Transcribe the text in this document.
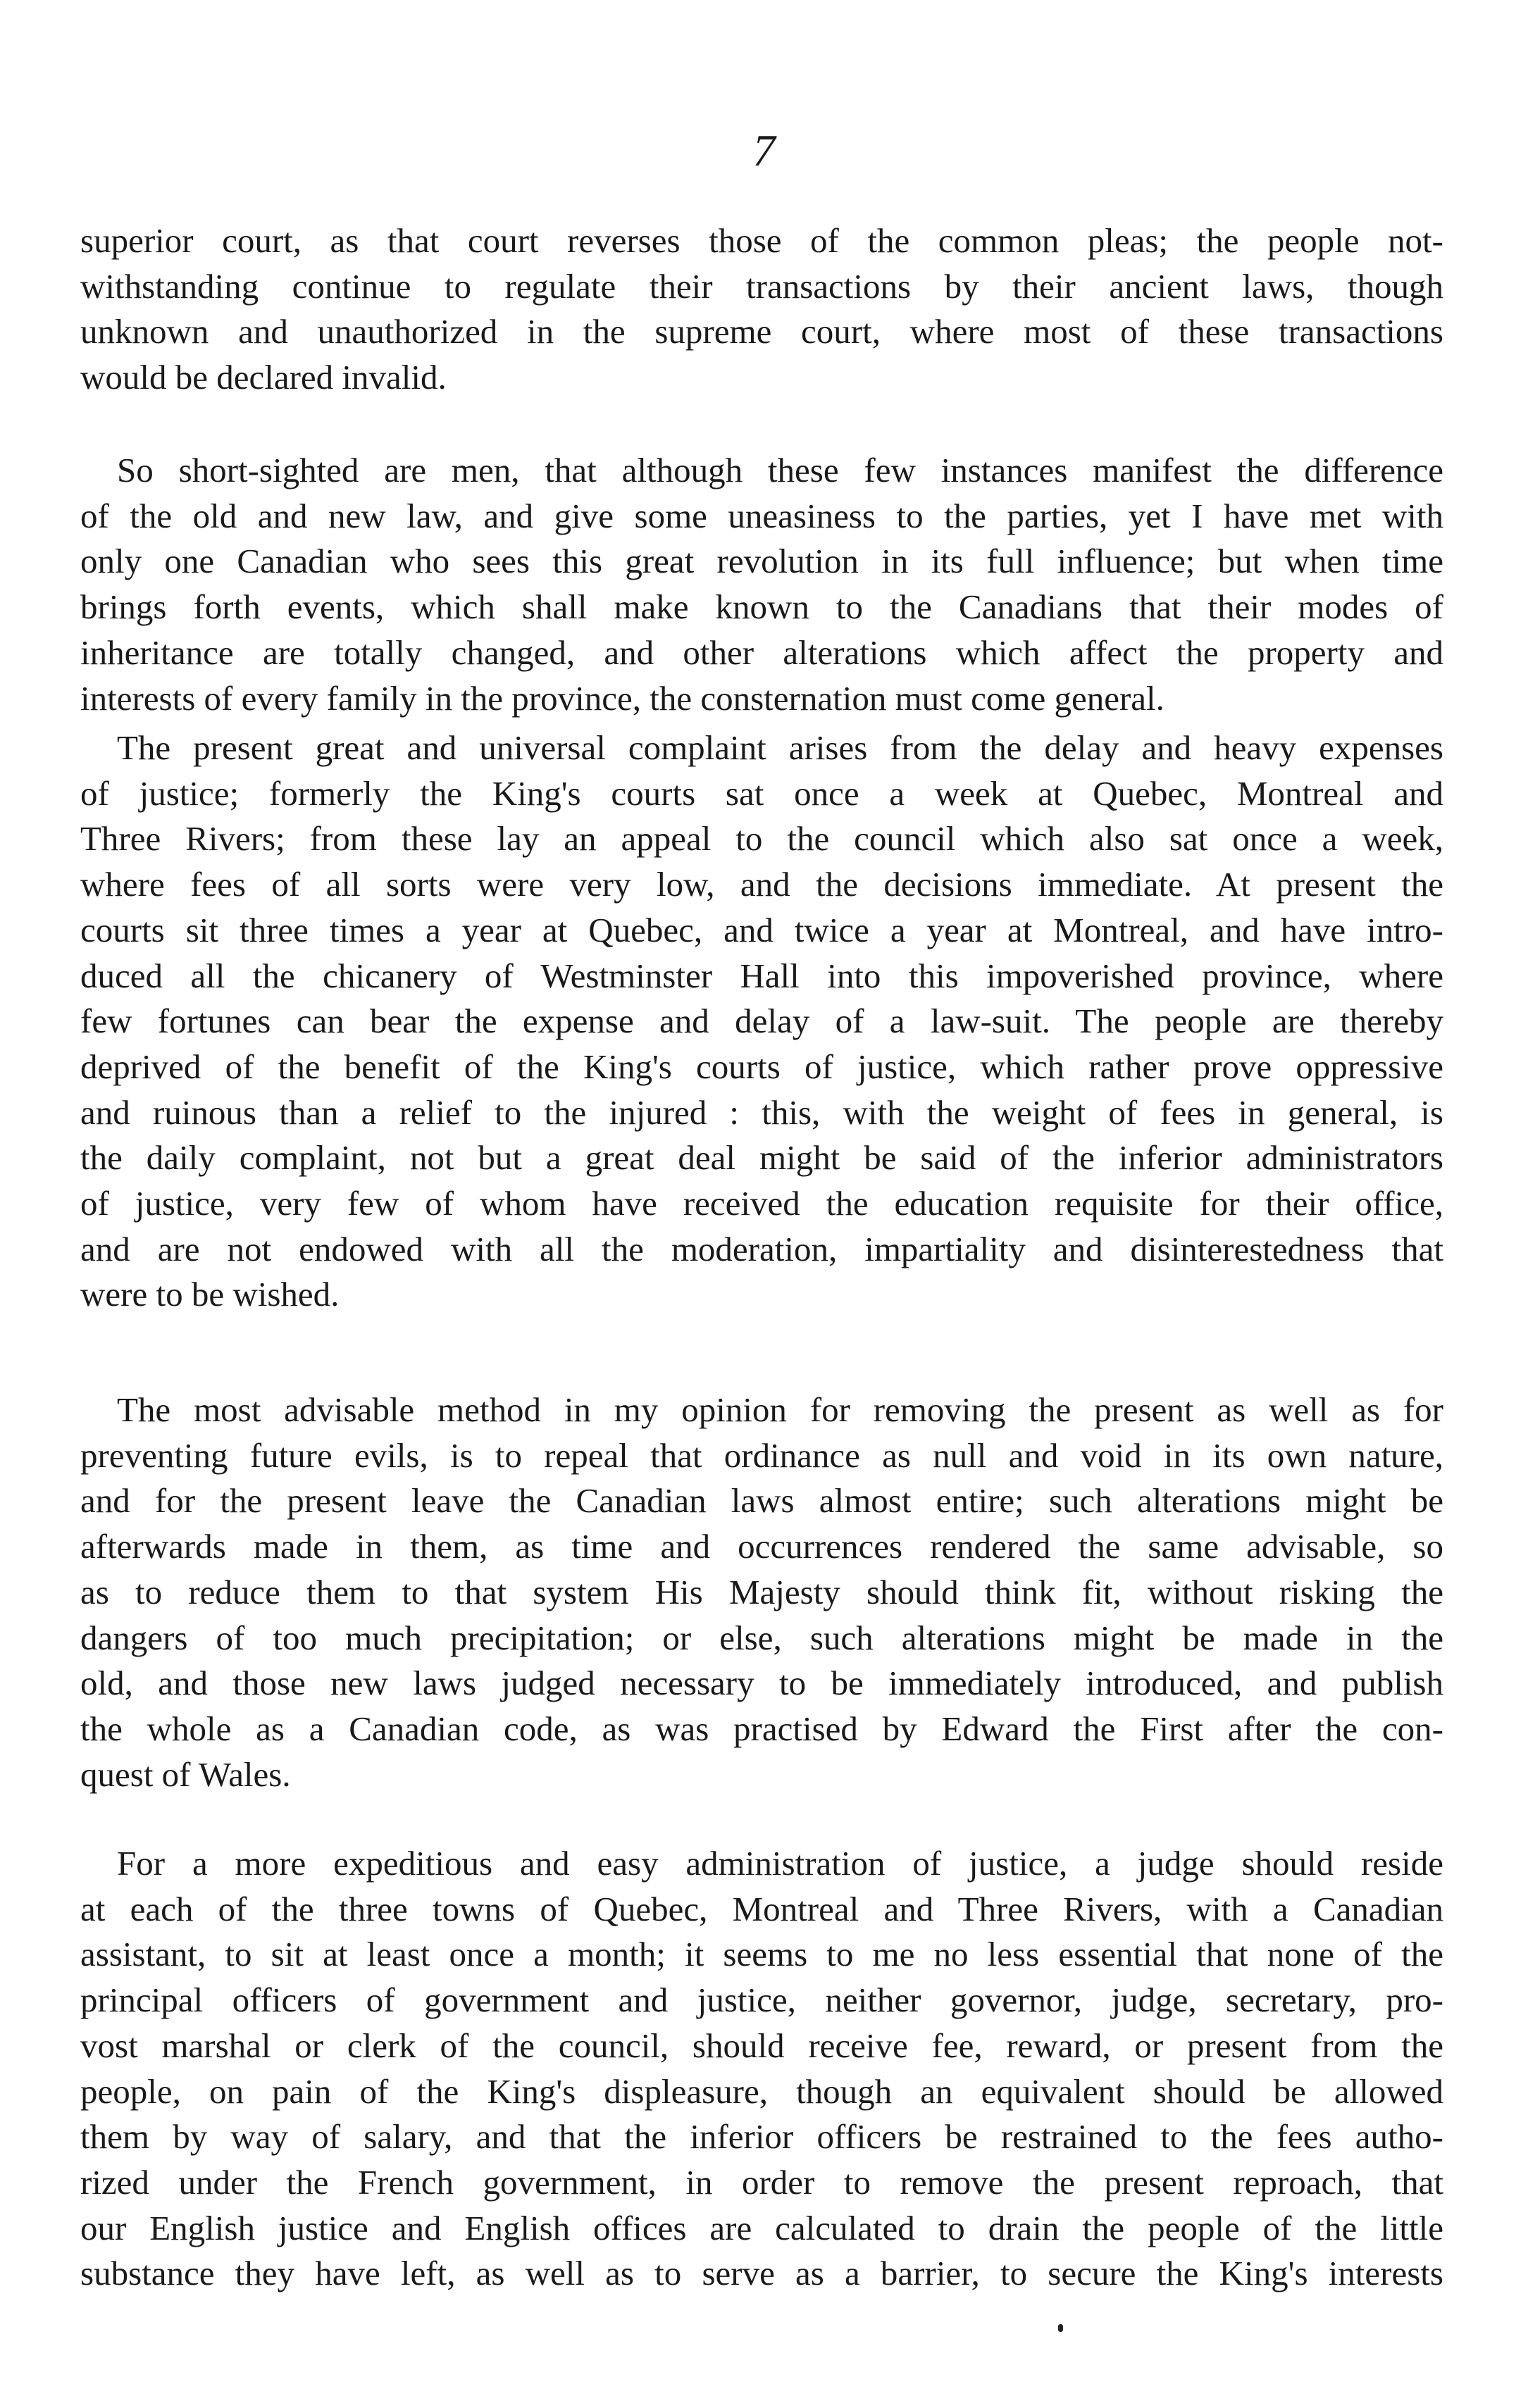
7

superior court, as that court reverses those of the common pleas; the people not-
withstanding continue to regulate their transactions by their ancient laws, though
unknown and unauthorized in the supreme court, where most of these transactions
would be declared invalid.

So short-sighted are men, that although these few instances manifest the difference
of the old and new law, and give some uneasiness to the parties, yet I have met with
only one Canadian who sees this great revolution in its full influence; but when time
brings forth events, which shall make known to the Canadians that their modes of
inheritance are totally changed, and other alterations which affect the property and
interests of every family in the province, the consternation must come general.

The present great and universal complaint arises from the delay and heavy expenses
of justice; formerly the King's courts sat once a week at Quebec, Montreal and
Three Rivers; from these lay an appeal to the council which also sat once a week,
where fees of all sorts were very low, and the decisions immediate. At present the
courts sit three times a year at Quebec, and twice a year at Montreal, and have intro-
duced all the chicanery of Westminster Hall into this impoverished province, where
few fortunes can bear the expense and delay of a law-suit. The people are thereby
deprived of the benefit of the King's courts of justice, which rather prove oppressive
and ruinous than a relief to the injured : this, with the weight of fees in general, is
the daily complaint, not but a great deal might be said of the inferior administrators
of justice, very few of whom have received the education requisite for their office,
and are not endowed with all the moderation, impartiality and disinterestedness that
were to be wished.

The most advisable method in my opinion for removing the present as well as for
preventing future evils, is to repeal that ordinance as null and void in its own nature,
and for the present leave the Canadian laws almost entire; such alterations might be
afterwards made in them, as time and occurrences rendered the same advisable, so
as to reduce them to that system His Majesty should think fit, without risking the
dangers of too much precipitation; or else, such alterations might be made in the
old, and those new laws judged necessary to be immediately introduced, and publish
the whole as a Canadian code, as was practised by Edward the First after the con-
quest of Wales.

For a more expeditious and easy administration of justice, a judge should reside
at each of the three towns of Quebec, Montreal and Three Rivers, with a Canadian
assistant, to sit at least once a month; it seems to me no less essential that none of the
principal officers of government and justice, neither governor, judge, secretary, pro-
vost marshal or clerk of the council, should receive fee, reward, or present from the
people, on pain of the King's displeasure, though an equivalent should be allowed
them by way of salary, and that the inferior officers be restrained to the fees autho-
rized under the French government, in order to remove the present reproach, that
our English justice and English offices are calculated to drain the people of the little
substance they have left, as well as to serve as a barrier, to secure the King's interests
